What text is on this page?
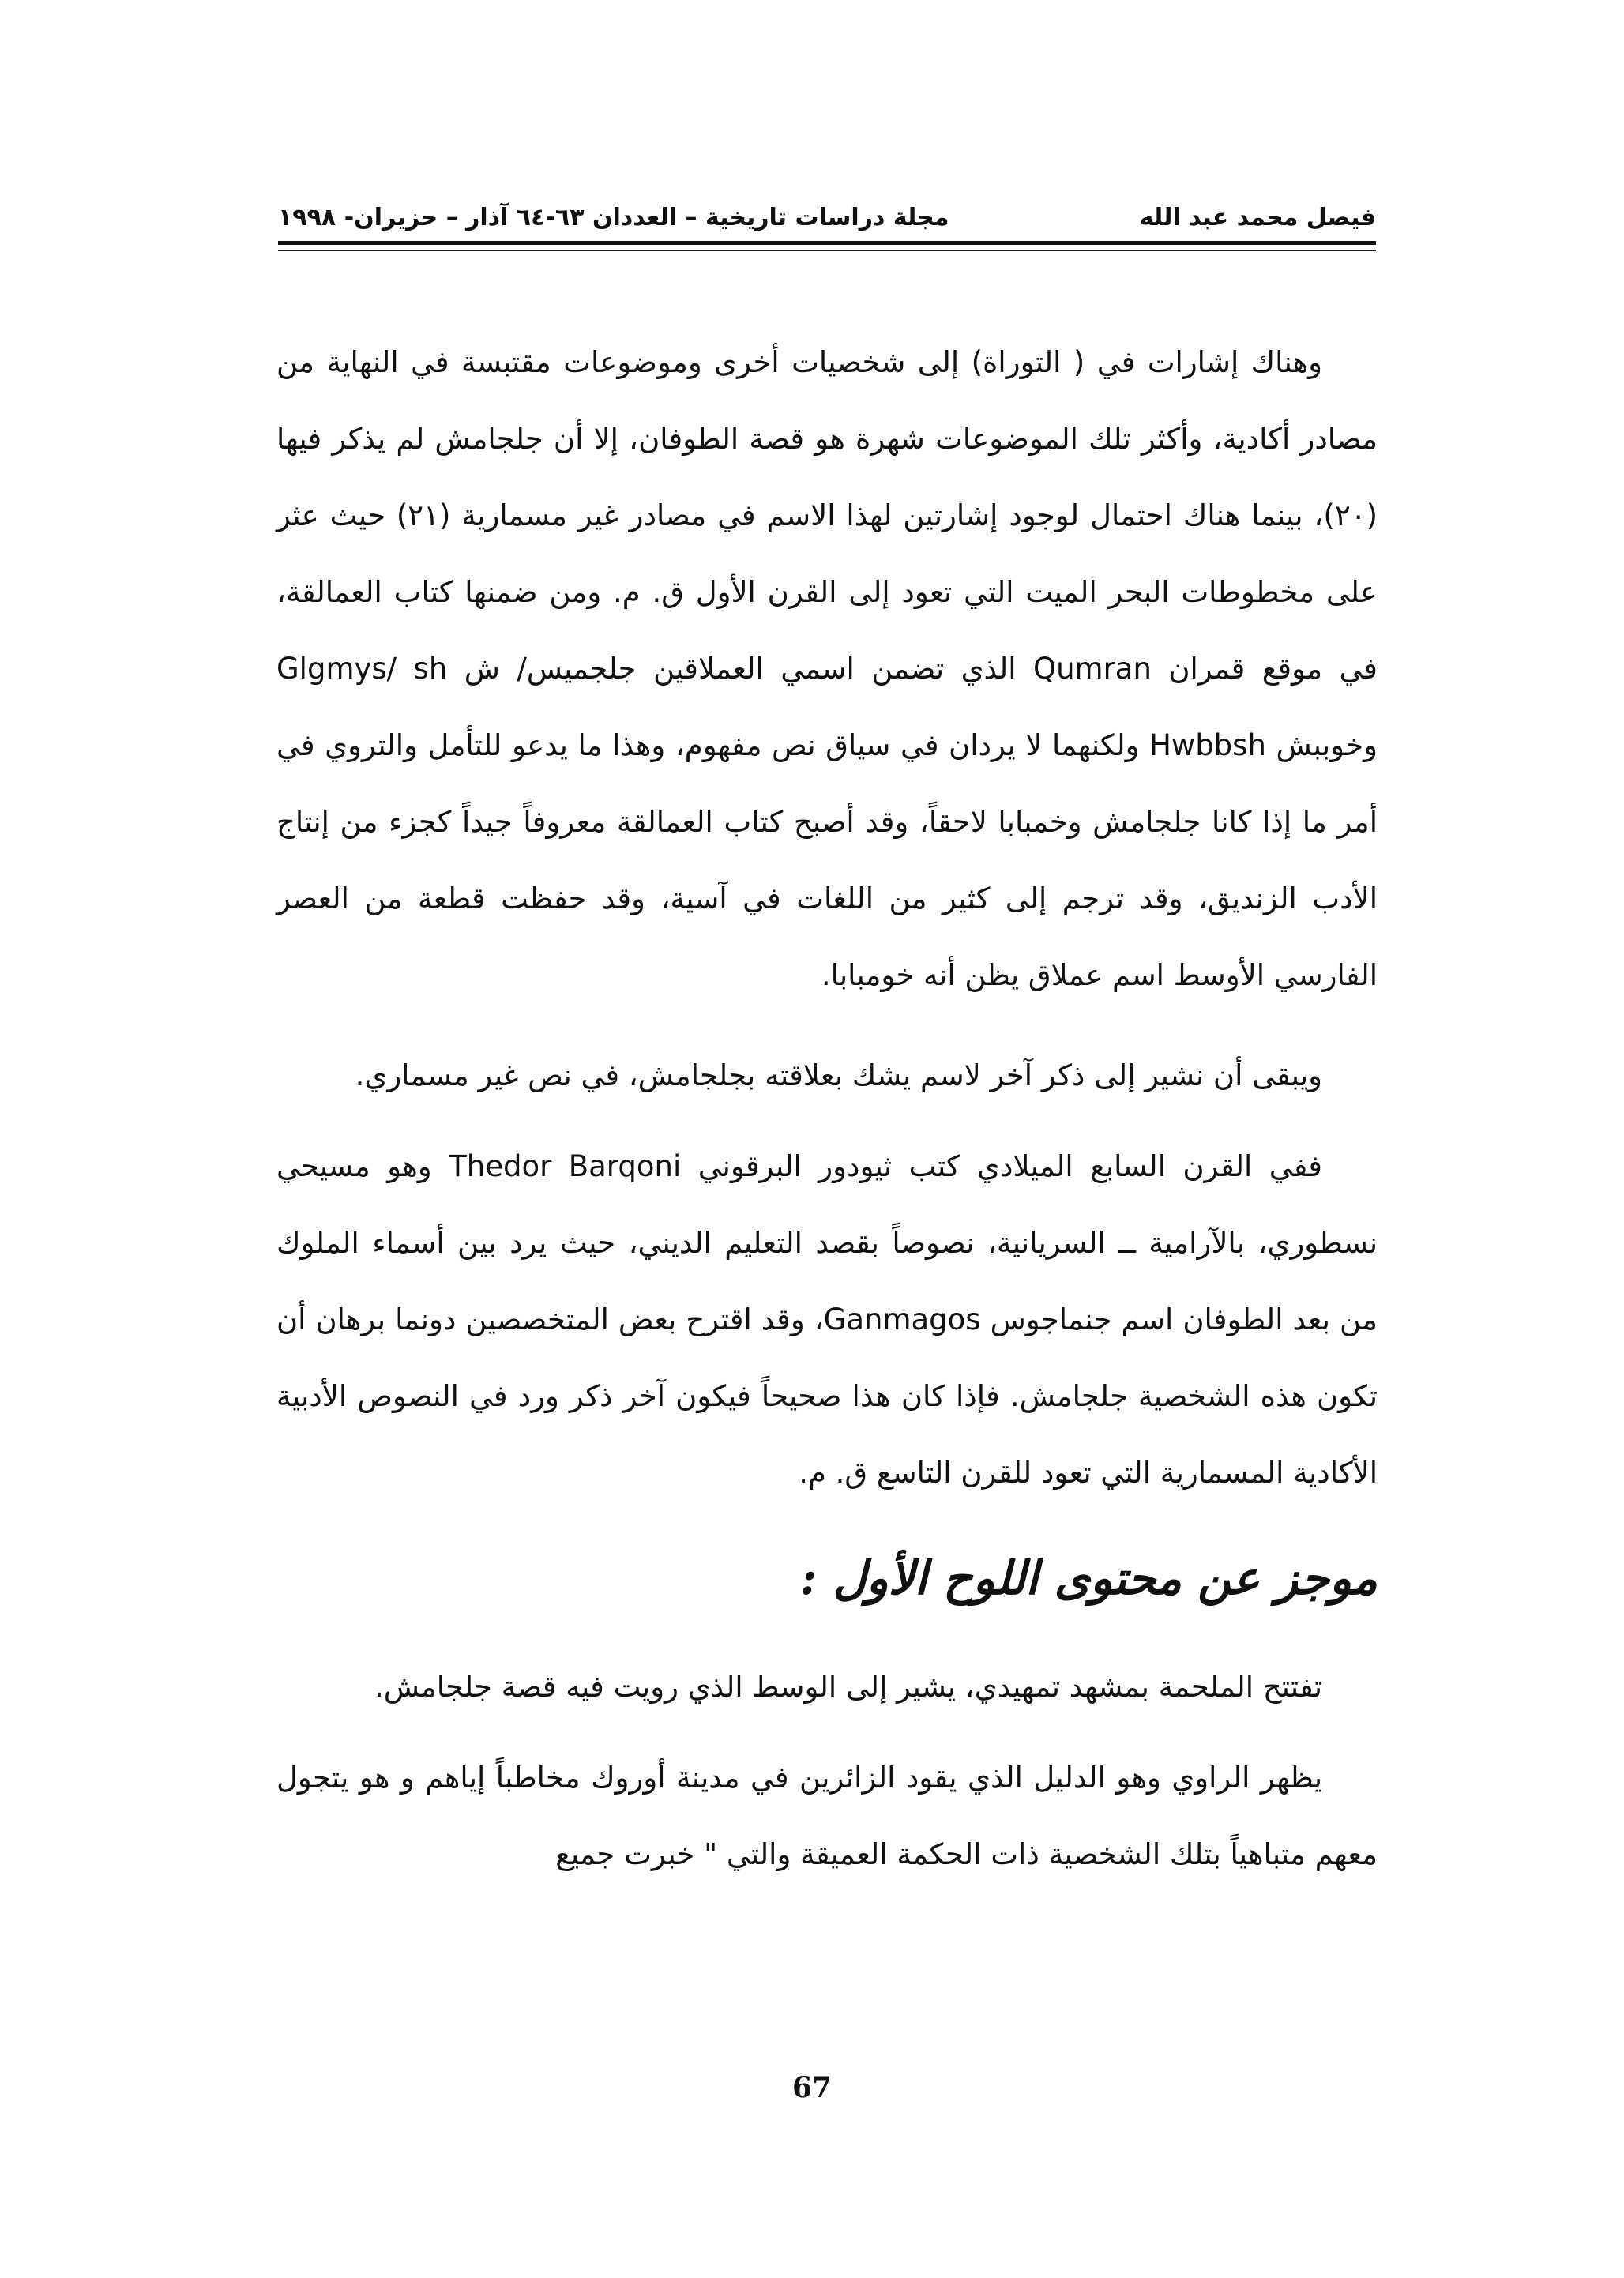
مجلة دراسات تاريخية – العددان ٦٣-٦٤ آذار – حزيران- ١٩٩٨	فيصل محمد عبد الله

وهناك إشارات في ( التوراة) إلى شخصيات أخرى وموضوعات مقتبسة في النهاية من مصادر أكادية، وأكثر تلك الموضوعات شهرة هو قصة الطوفان، إلا أن جلجامش لم يذكر فيها (٢٠)، بينما هناك احتمال لوجود إشارتين لهذا الاسم في مصادر غير مسمارية (٢١) حيث عثر على مخطوطات البحر الميت التي تعود إلى القرن الأول ق. م. ومن ضمنها كتاب العمالقة، في موقع قمران Qumran الذي تضمن اسمي العملاقين جلجميس/ ش Glgmys/ sh وخوببش Hwbbsh ولكنهما لا يردان في سياق نص مفهوم، وهذا ما يدعو للتأمل والتروي في أمر ما إذا كانا جلجامش وخمبابا لاحقاً، وقد أصبح كتاب العمالقة معروفاً جيداً كجزء من إنتاج الأدب الزنديق، وقد ترجم إلى كثير من اللغات في آسية، وقد حفظت قطعة من العصر الفارسي الأوسط اسم عملاق يظن أنه خومبابا.

ويبقى أن نشير إلى ذكر آخر لاسم يشك بعلاقته بجلجامش، في نص غير مسماري.

ففي القرن السابع الميلادي كتب ثيودور البرقوني Thedor Barqoni وهو مسيحي نسطوري، بالآرامية ــ السريانية، نصوصاً بقصد التعليم الديني، حيث يرد بين أسماء الملوك من بعد الطوفان اسم جنماجوس Ganmagos، وقد اقترح بعض المتخصصين دونما برهان أن تكون هذه الشخصية جلجامش. فإذا كان هذا صحيحاً فيكون آخر ذكر ورد في النصوص الأدبية الأكادية المسمارية التي تعود للقرن التاسع ق. م.

موجز عن محتوى اللوح الأول :

تفتتح الملحمة بمشهد تمهيدي، يشير إلى الوسط الذي رويت فيه قصة جلجامش.

يظهر الراوي وهو الدليل الذي يقود الزائرين في مدينة أوروك مخاطباً إياهم و هو يتجول معهم متباهياً بتلك الشخصية ذات الحكمة العميقة والتي " خبرت جميع

67
